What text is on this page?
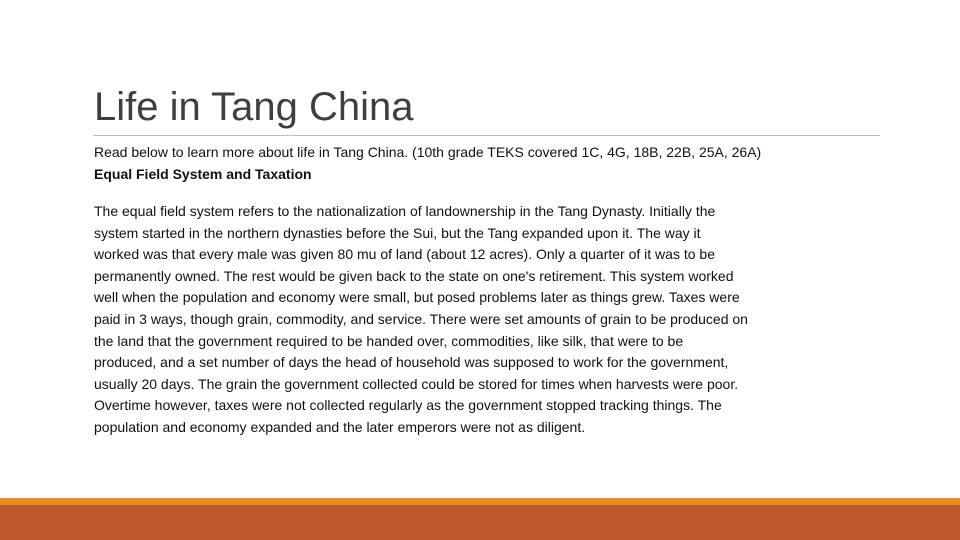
Life in Tang China

Read below to learn more about life in Tang China. (10th grade TEKS covered 1C, 4G, 18B, 22B, 25A, 26A)

Equal Field System and Taxation

The equal field system refers to the nationalization of landownership in the Tang Dynasty. Initially the
system started in the northern dynasties before the Sui, but the Tang expanded upon it. The way it
worked was that every male was given 80 mu of land (about 12 acres). Only a quarter of it was to be
permanently owned. The rest would be given back to the state on one's retirement. This system worked
well when the population and economy were small, but posed problems later as things grew. Taxes were
paid in 3 ways, though grain, commodity, and service. There were set amounts of grain to be produced on
the land that the government required to be handed over, commodities, like silk, that were to be
produced, and a set number of days the head of household was supposed to work for the government,
usually 20 days. The grain the government collected could be stored for times when harvests were poor.
Overtime however, taxes were not collected regularly as the government stopped tracking things. The
population and economy expanded and the later emperors were not as diligent.
